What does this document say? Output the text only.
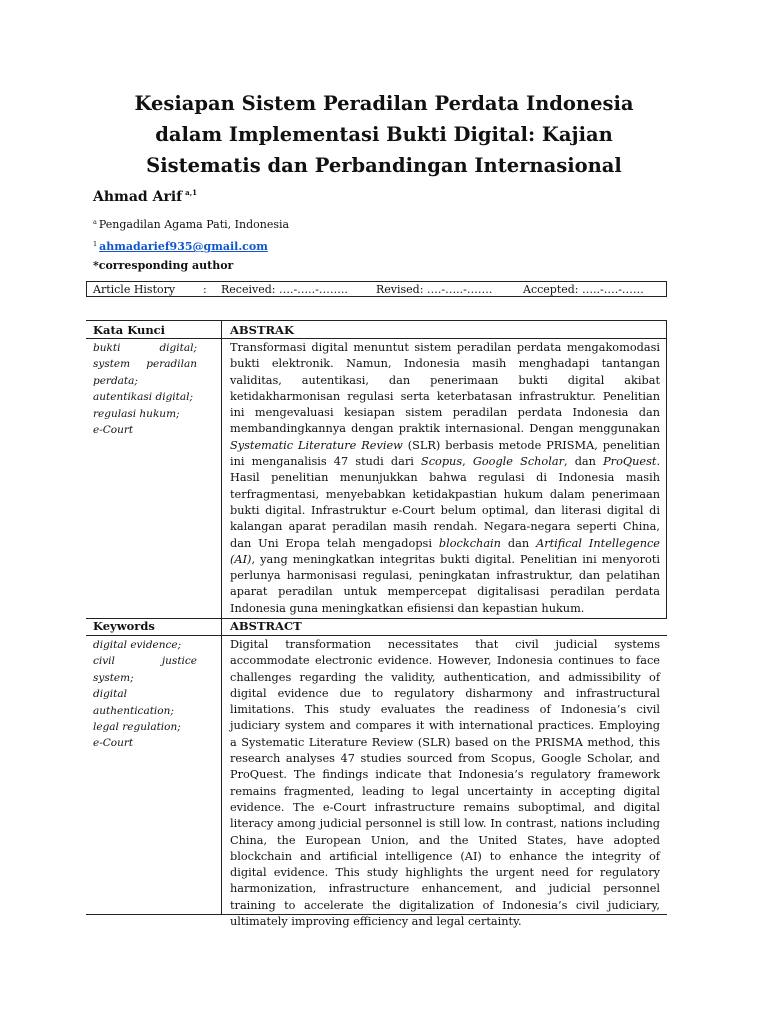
Kesiapan Sistem Peradilan Perdata Indonesia dalam Implementasi Bukti Digital: Kajian Sistematis dan Perbandingan Internasional
Ahmad Arif $^{a,1}$
$^a$ Pengadilan Agama Pati, Indonesia
$^1$ ahmadarief935@gmail.com
*corresponding author
Article History	: Received: ….-…..-……..	Revised: ….-…..-…….	Accepted: …..-….-……
Kata Kunci	ABSTRAK
bukti digital;
system peradilan
perdata;
autentikasi digital;
regulasi hukum;
e-Court

Transformasi digital menuntut sistem peradilan perdata mengakomodasi bukti elektronik. Namun, Indonesia masih menghadapi tantangan validitas, autentikasi, dan penerimaan bukti digital akibat ketidakharmonisan regulasi serta keterbatasan infrastruktur. Penelitian ini mengevaluasi kesiapan sistem peradilan perdata Indonesia dan membandingkannya dengan praktik internasional. Dengan menggunakan Systematic Literature Review (SLR) berbasis metode PRISMA, penelitian ini menganalisis 47 studi dari Scopus, Google Scholar, dan ProQuest. Hasil penelitian menunjukkan bahwa regulasi di Indonesia masih terfragmentasi, menyebabkan ketidakpastian hukum dalam penerimaan bukti digital. Infrastruktur e-Court belum optimal, dan literasi digital di kalangan aparat peradilan masih rendah. Negara-negara seperti China, dan Uni Eropa telah mengadopsi blockchain dan Artifical Intellegence (AI), yang meningkatkan integritas bukti digital. Penelitian ini menyoroti perlunya harmonisasi regulasi, peningkatan infrastruktur, dan pelatihan aparat peradilan untuk mempercepat digitalisasi peradilan perdata Indonesia guna meningkatkan efisiensi dan kepastian hukum.

Keywords	ABSTRACT
digital evidence;
civil justice system;
digital
authentication;
legal regulation;
e-Court

Digital transformation necessitates that civil judicial systems accommodate electronic evidence. However, Indonesia continues to face challenges regarding the validity, authentication, and admissibility of digital evidence due to regulatory disharmony and infrastructural limitations. This study evaluates the readiness of Indonesia’s civil judiciary system and compares it with international practices. Employing a Systematic Literature Review (SLR) based on the PRISMA method, this research analyses 47 studies sourced from Scopus, Google Scholar, and ProQuest. The findings indicate that Indonesia’s regulatory framework remains fragmented, leading to legal uncertainty in accepting digital evidence. The e-Court infrastructure remains suboptimal, and digital literacy among judicial personnel is still low. In contrast, nations including China, the European Union, and the United States, have adopted blockchain and artificial intelligence (AI) to enhance the integrity of digital evidence. This study highlights the urgent need for regulatory harmonization, infrastructure enhancement, and judicial personnel training to accelerate the digitalization of Indonesia’s civil judiciary, ultimately improving efficiency and legal certainty.
